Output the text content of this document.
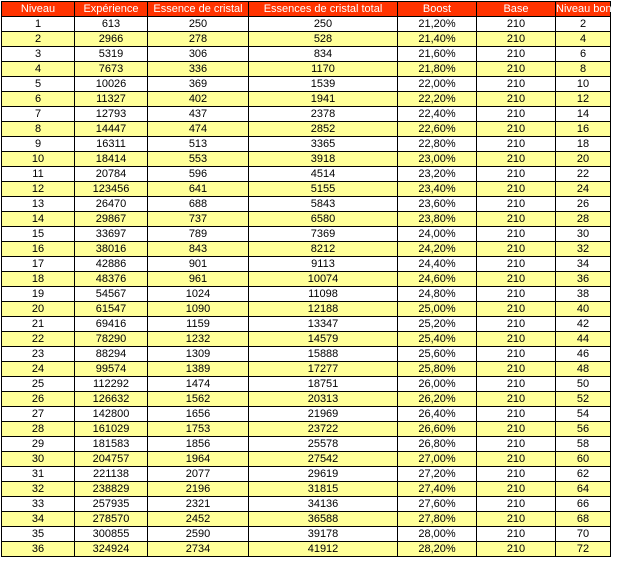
Niveau	Expérience	Essence de cristal	Essences de cristal total	Boost	Base	Niveau bonus
1	613	250	250	21,20%	210	2
2	2966	278	528	21,40%	210	4
3	5319	306	834	21,60%	210	6
4	7673	336	1170	21,80%	210	8
5	10026	369	1539	22,00%	210	10
6	11327	402	1941	22,20%	210	12
7	12793	437	2378	22,40%	210	14
8	14447	474	2852	22,60%	210	16
9	16311	513	3365	22,80%	210	18
10	18414	553	3918	23,00%	210	20
11	20784	596	4514	23,20%	210	22
12	123456	641	5155	23,40%	210	24
13	26470	688	5843	23,60%	210	26
14	29867	737	6580	23,80%	210	28
15	33697	789	7369	24,00%	210	30
16	38016	843	8212	24,20%	210	32
17	42886	901	9113	24,40%	210	34
18	48376	961	10074	24,60%	210	36
19	54567	1024	11098	24,80%	210	38
20	61547	1090	12188	25,00%	210	40
21	69416	1159	13347	25,20%	210	42
22	78290	1232	14579	25,40%	210	44
23	88294	1309	15888	25,60%	210	46
24	99574	1389	17277	25,80%	210	48
25	112292	1474	18751	26,00%	210	50
26	126632	1562	20313	26,20%	210	52
27	142800	1656	21969	26,40%	210	54
28	161029	1753	23722	26,60%	210	56
29	181583	1856	25578	26,80%	210	58
30	204757	1964	27542	27,00%	210	60
31	221138	2077	29619	27,20%	210	62
32	238829	2196	31815	27,40%	210	64
33	257935	2321	34136	27,60%	210	66
34	278570	2452	36588	27,80%	210	68
35	300855	2590	39178	28,00%	210	70
36	324924	2734	41912	28,20%	210	72
